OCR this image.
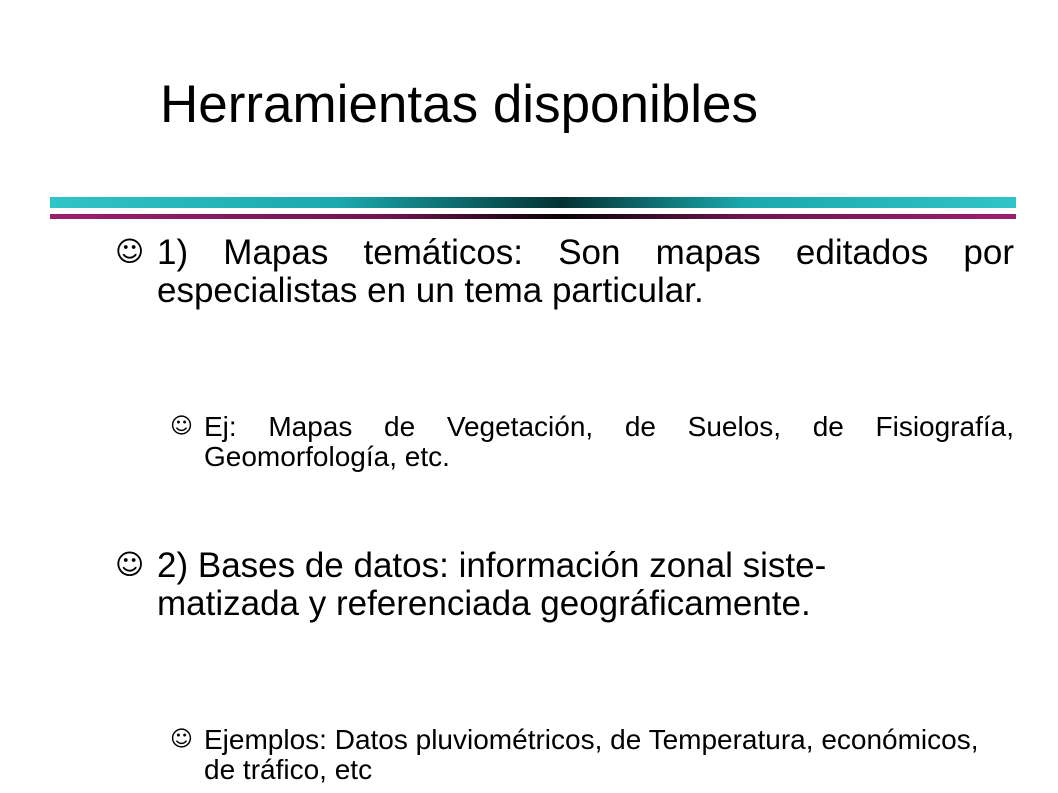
Herramientas disponibles
☺ 1) Mapas temáticos: Son mapas editados por especialistas en un tema particular.
☺ Ej: Mapas de Vegetación, de Suelos, de Fisiografía, Geomorfología, etc.
☺ 2) Bases de datos: información zonal siste-matizada y referenciada geográficamente.
☺ Ejemplos: Datos pluviométricos, de Temperatura, económicos, de tráfico, etc
